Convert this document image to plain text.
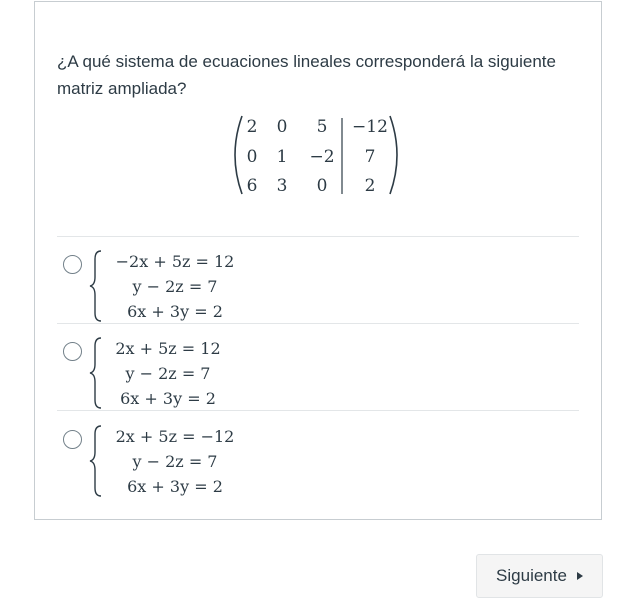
¿A qué sistema de ecuaciones lineales corresponderá la siguiente matriz ampliada?

2 0 5 −12
0 1 −2 7
6 3 0 2
−2x + 5z = 12
y − 2z = 7
6x + 3y = 2
2x + 5z = 12
y − 2z = 7
6x + 3y = 2
2x + 5z = −12
y − 2z = 7
6x + 3y = 2
Siguiente
